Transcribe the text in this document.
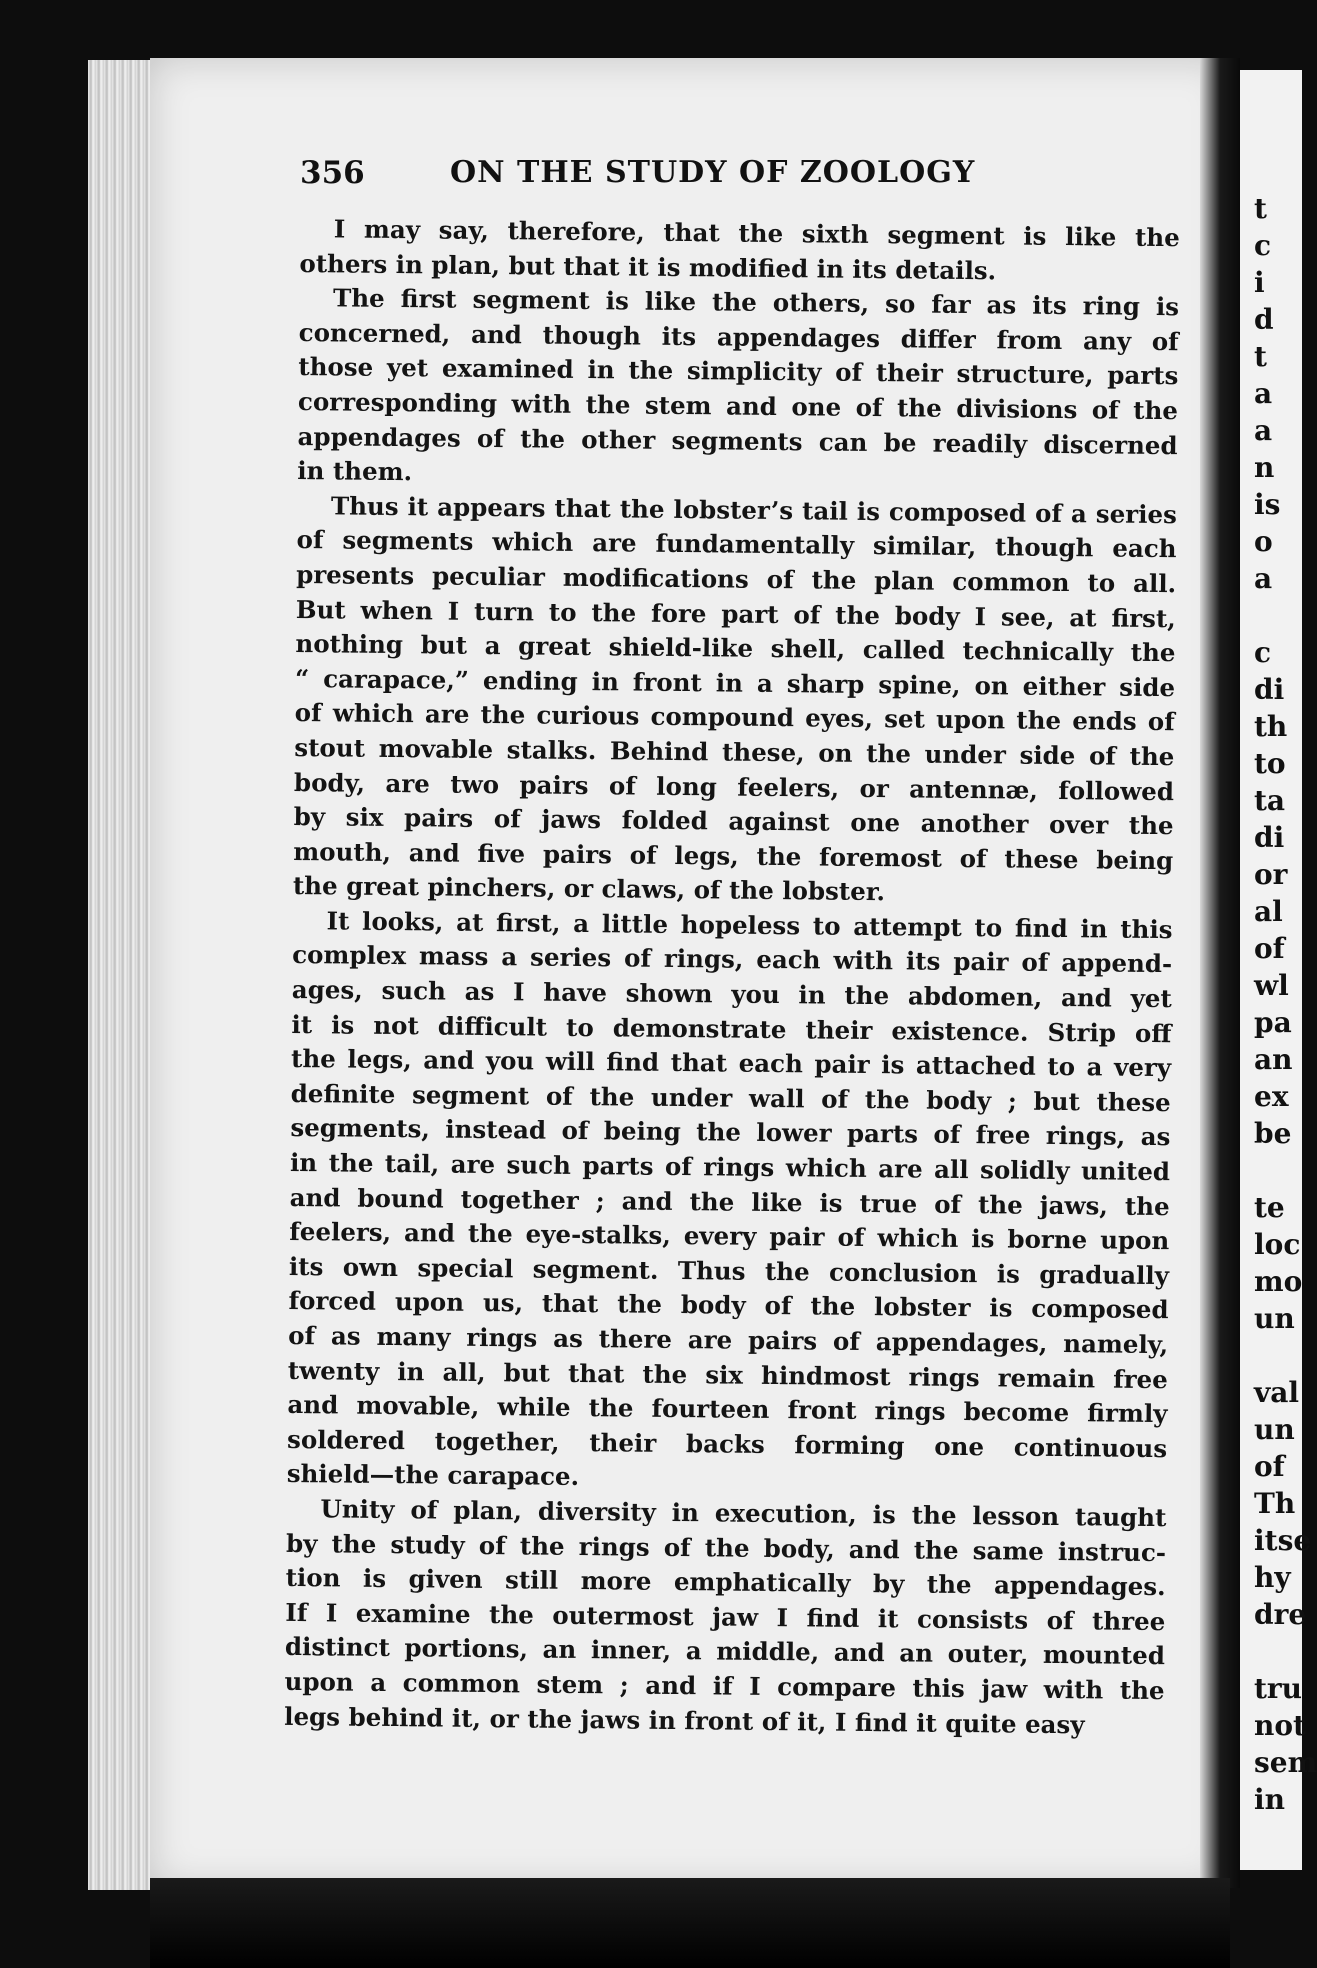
356	ON THE STUDY OF ZOOLOGY
I may say, therefore, that the sixth segment is like the
others in plan, but that it is modified in its details.
The first segment is like the others, so far as its ring is
concerned, and though its appendages differ from any of
those yet examined in the simplicity of their structure, parts
corresponding with the stem and one of the divisions of the
appendages of the other segments can be readily discerned
in them.
Thus it appears that the lobster’s tail is composed of a series
of segments which are fundamentally similar, though each
presents peculiar modifications of the plan common to all.
But when I turn to the fore part of the body I see, at first,
nothing but a great shield-like shell, called technically the
“ carapace,” ending in front in a sharp spine, on either side
of which are the curious compound eyes, set upon the ends of
stout movable stalks. Behind these, on the under side of the
body, are two pairs of long feelers, or antennæ, followed
by six pairs of jaws folded against one another over the
mouth, and five pairs of legs, the foremost of these being
the great pinchers, or claws, of the lobster.
It looks, at first, a little hopeless to attempt to find in this
complex mass a series of rings, each with its pair of append-
ages, such as I have shown you in the abdomen, and yet
it is not difficult to demonstrate their existence. Strip off
the legs, and you will find that each pair is attached to a very
definite segment of the under wall of the body ; but these
segments, instead of being the lower parts of free rings, as
in the tail, are such parts of rings which are all solidly united
and bound together ; and the like is true of the jaws, the
feelers, and the eye-stalks, every pair of which is borne upon
its own special segment. Thus the conclusion is gradually
forced upon us, that the body of the lobster is composed
of as many rings as there are pairs of appendages, namely,
twenty in all, but that the six hindmost rings remain free
and movable, while the fourteen front rings become firmly
soldered together, their backs forming one continuous
shield—the carapace.
Unity of plan, diversity in execution, is the lesson taught
by the study of the rings of the body, and the same instruc-
tion is given still more emphatically by the appendages.
If I examine the outermost jaw I find it consists of three
distinct portions, an inner, a middle, and an outer, mounted
upon a common stem ; and if I compare this jaw with the
legs behind it, or the jaws in front of it, I find it quite easy
t
c
i
d
t
a
a
n
is
o
a

c
di
th
to
ta
di
or
al
of
wl
pa
an
ex
be

te
loc
mo
un

val
un
of
Th
itse
hy
dre

tru
not
sem
in
